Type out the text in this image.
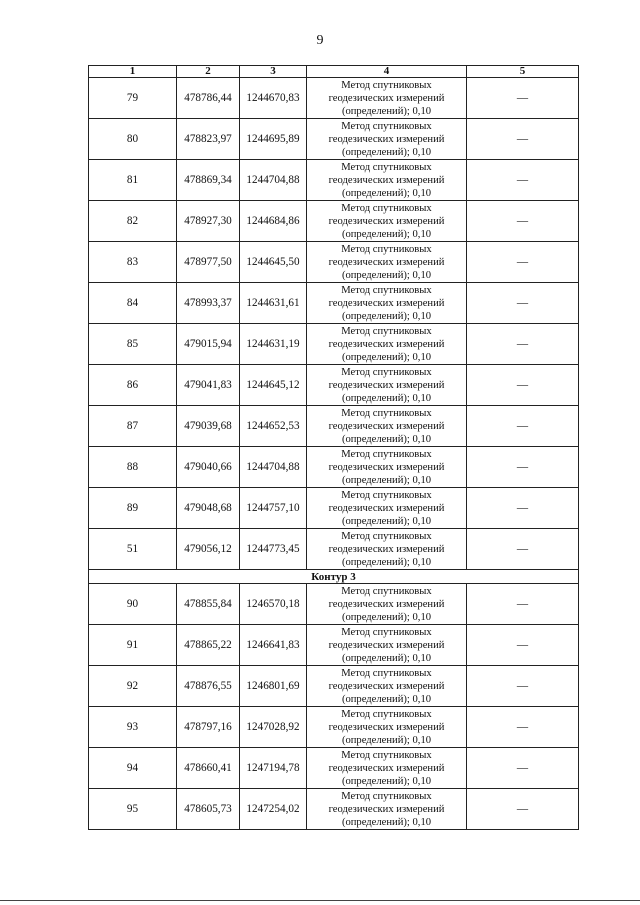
9
1	2	3	4	5
79	478786,44	1244670,83	Метод спутниковых
геодезических измерений
(определений); 0,10	—
80	478823,97	1244695,89	Метод спутниковых
геодезических измерений
(определений); 0,10	—
81	478869,34	1244704,88	Метод спутниковых
геодезических измерений
(определений); 0,10	—
82	478927,30	1244684,86	Метод спутниковых
геодезических измерений
(определений); 0,10	—
83	478977,50	1244645,50	Метод спутниковых
геодезических измерений
(определений); 0,10	—
84	478993,37	1244631,61	Метод спутниковых
геодезических измерений
(определений); 0,10	—
85	479015,94	1244631,19	Метод спутниковых
геодезических измерений
(определений); 0,10	—
86	479041,83	1244645,12	Метод спутниковых
геодезических измерений
(определений); 0,10	—
87	479039,68	1244652,53	Метод спутниковых
геодезических измерений
(определений); 0,10	—
88	479040,66	1244704,88	Метод спутниковых
геодезических измерений
(определений); 0,10	—
89	479048,68	1244757,10	Метод спутниковых
геодезических измерений
(определений); 0,10	—
51	479056,12	1244773,45	Метод спутниковых
геодезических измерений
(определений); 0,10	—
Контур 3				
90	478855,84	1246570,18	Метод спутниковых
геодезических измерений
(определений); 0,10	—
91	478865,22	1246641,83	Метод спутниковых
геодезических измерений
(определений); 0,10	—
92	478876,55	1246801,69	Метод спутниковых
геодезических измерений
(определений); 0,10	—
93	478797,16	1247028,92	Метод спутниковых
геодезических измерений
(определений); 0,10	—
94	478660,41	1247194,78	Метод спутниковых
геодезических измерений
(определений); 0,10	—
95	478605,73	1247254,02	Метод спутниковых
геодезических измерений
(определений); 0,10	—
